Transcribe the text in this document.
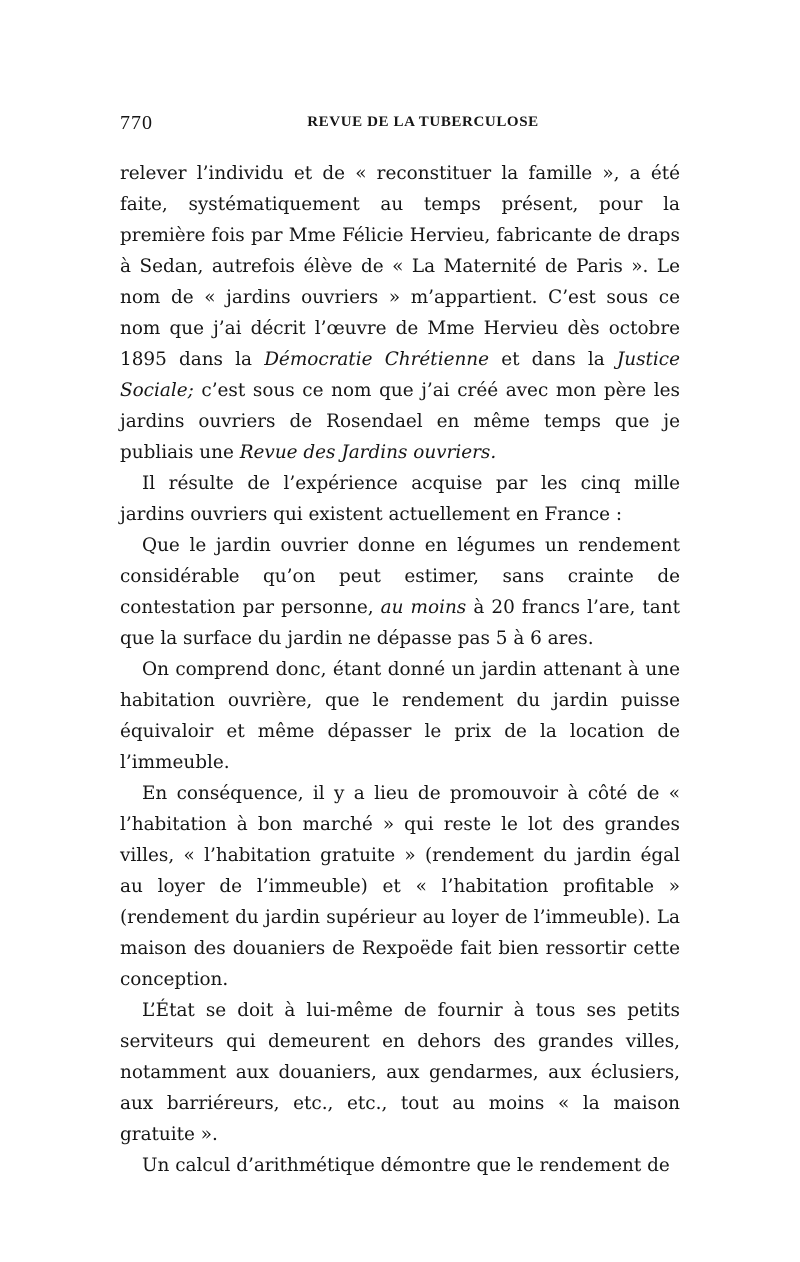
770	REVUE DE LA TUBERCULOSE

relever l’individu et de « reconstituer la famille », a été faite, systématiquement au temps présent, pour la première fois par Mme Félicie Hervieu, fabricante de draps à Sedan, autrefois élève de « La Maternité de Paris ». Le nom de « jardins ouvriers » m’appartient. C’est sous ce nom que j’ai décrit l’œuvre de Mme Hervieu dès octobre 1895 dans la Démocratie Chrétienne et dans la Justice Sociale; c’est sous ce nom que j’ai créé avec mon père les jardins ouvriers de Rosendael en même temps que je publiais une Revue des Jardins ouvriers.

Il résulte de l’expérience acquise par les cinq mille jardins ouvriers qui existent actuellement en France :

Que le jardin ouvrier donne en légumes un rendement considérable qu’on peut estimer, sans crainte de contestation par personne, au moins à 20 francs l’are, tant que la surface du jardin ne dépasse pas 5 à 6 ares.

On comprend donc, étant donné un jardin attenant à une habitation ouvrière, que le rendement du jardin puisse équivaloir et même dépasser le prix de la location de l’immeuble.

En conséquence, il y a lieu de promouvoir à côté de « l’habitation à bon marché » qui reste le lot des grandes villes, « l’habitation gratuite » (rendement du jardin égal au loyer de l’immeuble) et « l’habitation profitable » (rendement du jardin supérieur au loyer de l’immeuble). La maison des douaniers de Rexpoëde fait bien ressortir cette conception.

L’État se doit à lui-même de fournir à tous ses petits serviteurs qui demeurent en dehors des grandes villes, notamment aux douaniers, aux gendarmes, aux éclusiers, aux barriéreurs, etc., etc., tout au moins « la maison gratuite ».

Un calcul d’arithmétique démontre que le rendement de
